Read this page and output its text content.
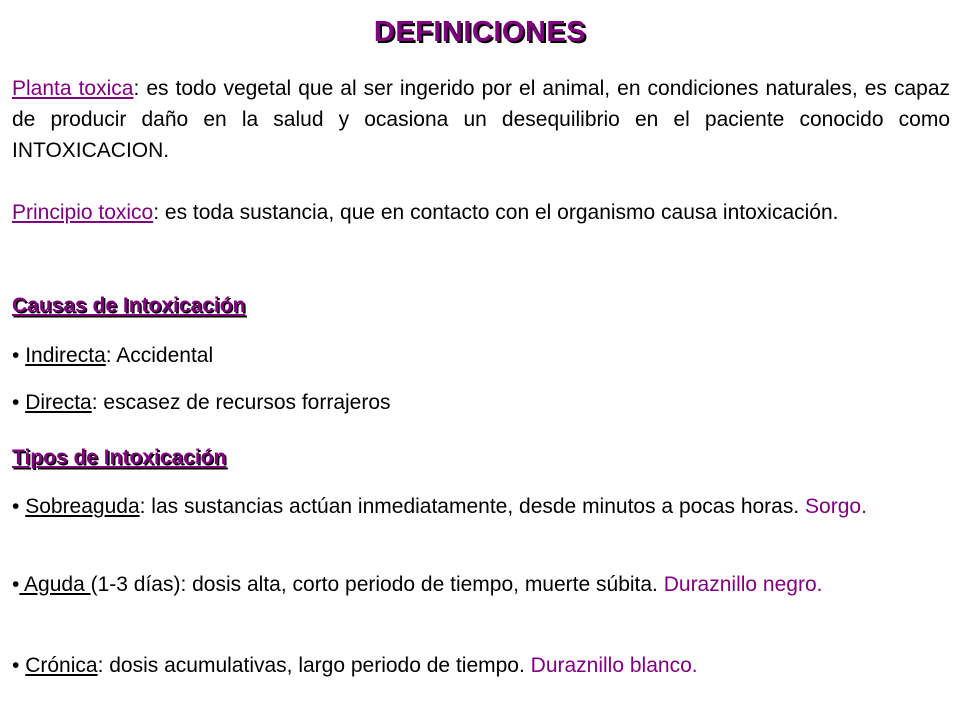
DEFINICIONES
Planta toxica: es todo vegetal que al ser ingerido por el animal, en condiciones naturales, es capaz de producir daño en la salud y ocasiona un desequilibrio en el paciente conocido como INTOXICACION.
Principio toxico: es toda sustancia, que en contacto con el organismo causa intoxicación.
Causas de Intoxicación
• Indirecta: Accidental
• Directa: escasez de recursos forrajeros
Tipos de Intoxicación
• Sobreaguda: las sustancias actúan inmediatamente, desde minutos a pocas horas. Sorgo.
• Aguda (1-3 días): dosis alta, corto periodo de tiempo, muerte súbita. Duraznillo negro.
• Crónica: dosis acumulativas, largo periodo de tiempo. Duraznillo blanco.
